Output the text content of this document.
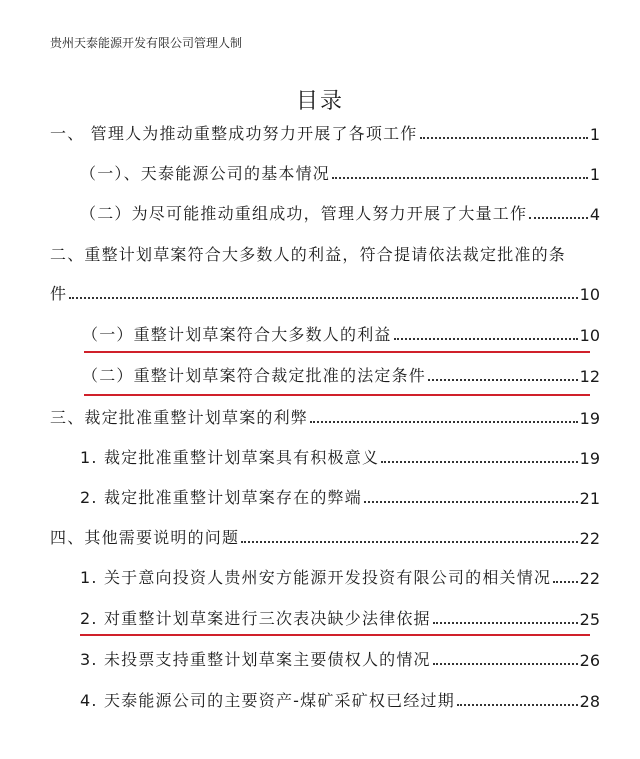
贵州天泰能源开发有限公司管理人制
目录
一、 管理人为推动重整成功努力开展了各项工作	1
（一）、天泰能源公司的基本情况	1
（二）为尽可能推动重组成功，管理人努力开展了大量工作	4
二、重整计划草案符合大多数人的利益，符合提请依法裁定批准的条
件	10
（一）重整计划草案符合大多数人的利益	10
（二）重整计划草案符合裁定批准的法定条件	12
三、裁定批准重整计划草案的利弊	19
1. 裁定批准重整计划草案具有积极意义	19
2. 裁定批准重整计划草案存在的弊端	21
四、其他需要说明的问题	22
1. 关于意向投资人贵州安方能源开发投资有限公司的相关情况 22
2. 对重整计划草案进行三次表决缺少法律依据	25
3. 未投票支持重整计划草案主要债权人的情况	26
4. 天泰能源公司的主要资产-煤矿采矿权已经过期	28
